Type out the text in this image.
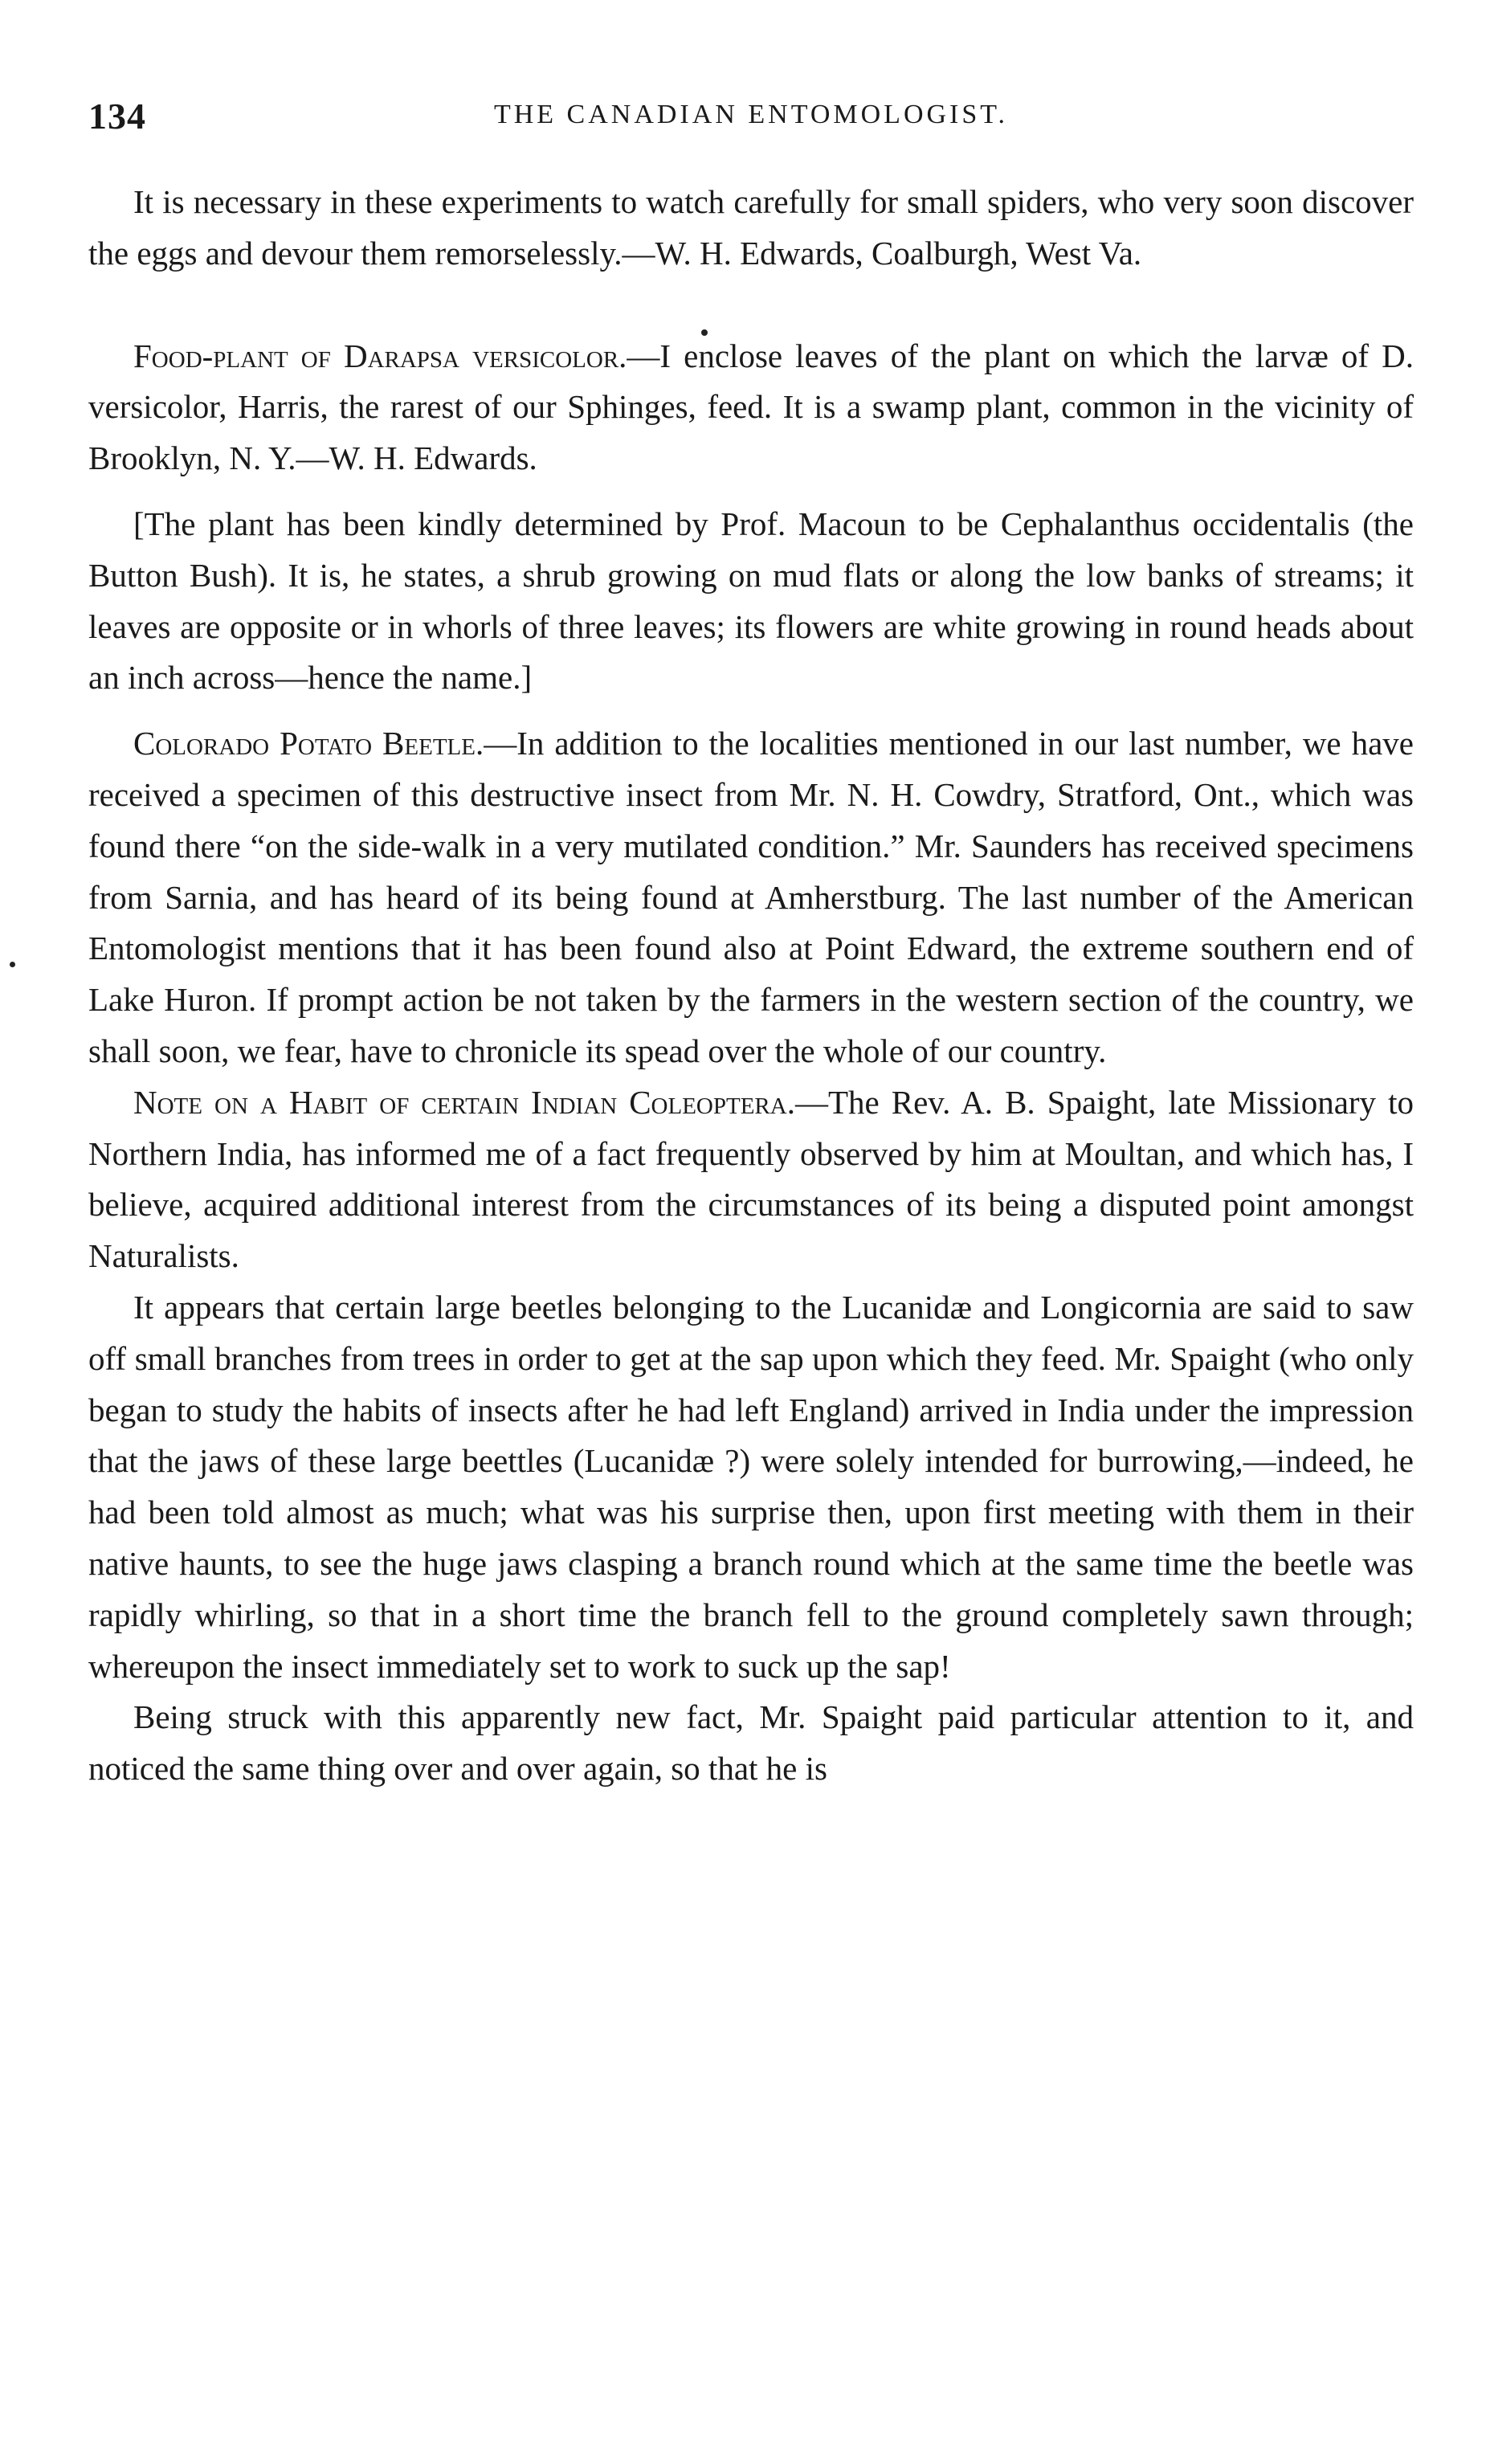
134	THE CANADIAN ENTOMOLOGIST.

It is necessary in these experiments to watch carefully for small spiders, who very soon discover the eggs and devour them remorselessly.—W. H. Edwards, Coalburgh, West Va.

Food-plant of Darapsa versicolor.—I enclose leaves of the plant on which the larvæ of D. versicolor, Harris, the rarest of our Sphinges, feed. It is a swamp plant, common in the vicinity of Brooklyn, N. Y.—W. H. Edwards.

[The plant has been kindly determined by Prof. Macoun to be Cephalanthus occidentalis (the Button Bush). It is, he states, a shrub growing on mud flats or along the low banks of streams; it leaves are opposite or in whorls of three leaves; its flowers are white growing in round heads about an inch across—hence the name.]

Colorado Potato Beetle.—In addition to the localities mentioned in our last number, we have received a specimen of this destructive insect from Mr. N. H. Cowdry, Stratford, Ont., which was found there “on the side-walk in a very mutilated condition.” Mr. Saunders has received specimens from Sarnia, and has heard of its being found at Amherstburg. The last number of the American Entomologist mentions that it has been found also at Point Edward, the extreme southern end of Lake Huron. If prompt action be not taken by the farmers in the western section of the country, we shall soon, we fear, have to chronicle its spead over the whole of our country.

Note on a Habit of certain Indian Coleoptera.—The Rev. A. B. Spaight, late Missionary to Northern India, has informed me of a fact frequently observed by him at Moultan, and which has, I believe, acquired additional interest from the circumstances of its being a disputed point amongst Naturalists.

It appears that certain large beetles belonging to the Lucanidæ and Longicornia are said to saw off small branches from trees in order to get at the sap upon which they feed. Mr. Spaight (who only began to study the habits of insects after he had left England) arrived in India under the impression that the jaws of these large beettles (Lucanidæ ?) were solely intended for burrowing,—indeed, he had been told almost as much; what was his surprise then, upon first meeting with them in their native haunts, to see the huge jaws clasping a branch round which at the same time the beetle was rapidly whirling, so that in a short time the branch fell to the ground completely sawn through; whereupon the insect immediately set to work to suck up the sap!

Being struck with this apparently new fact, Mr. Spaight paid particular attention to it, and noticed the same thing over and over again, so that he is
